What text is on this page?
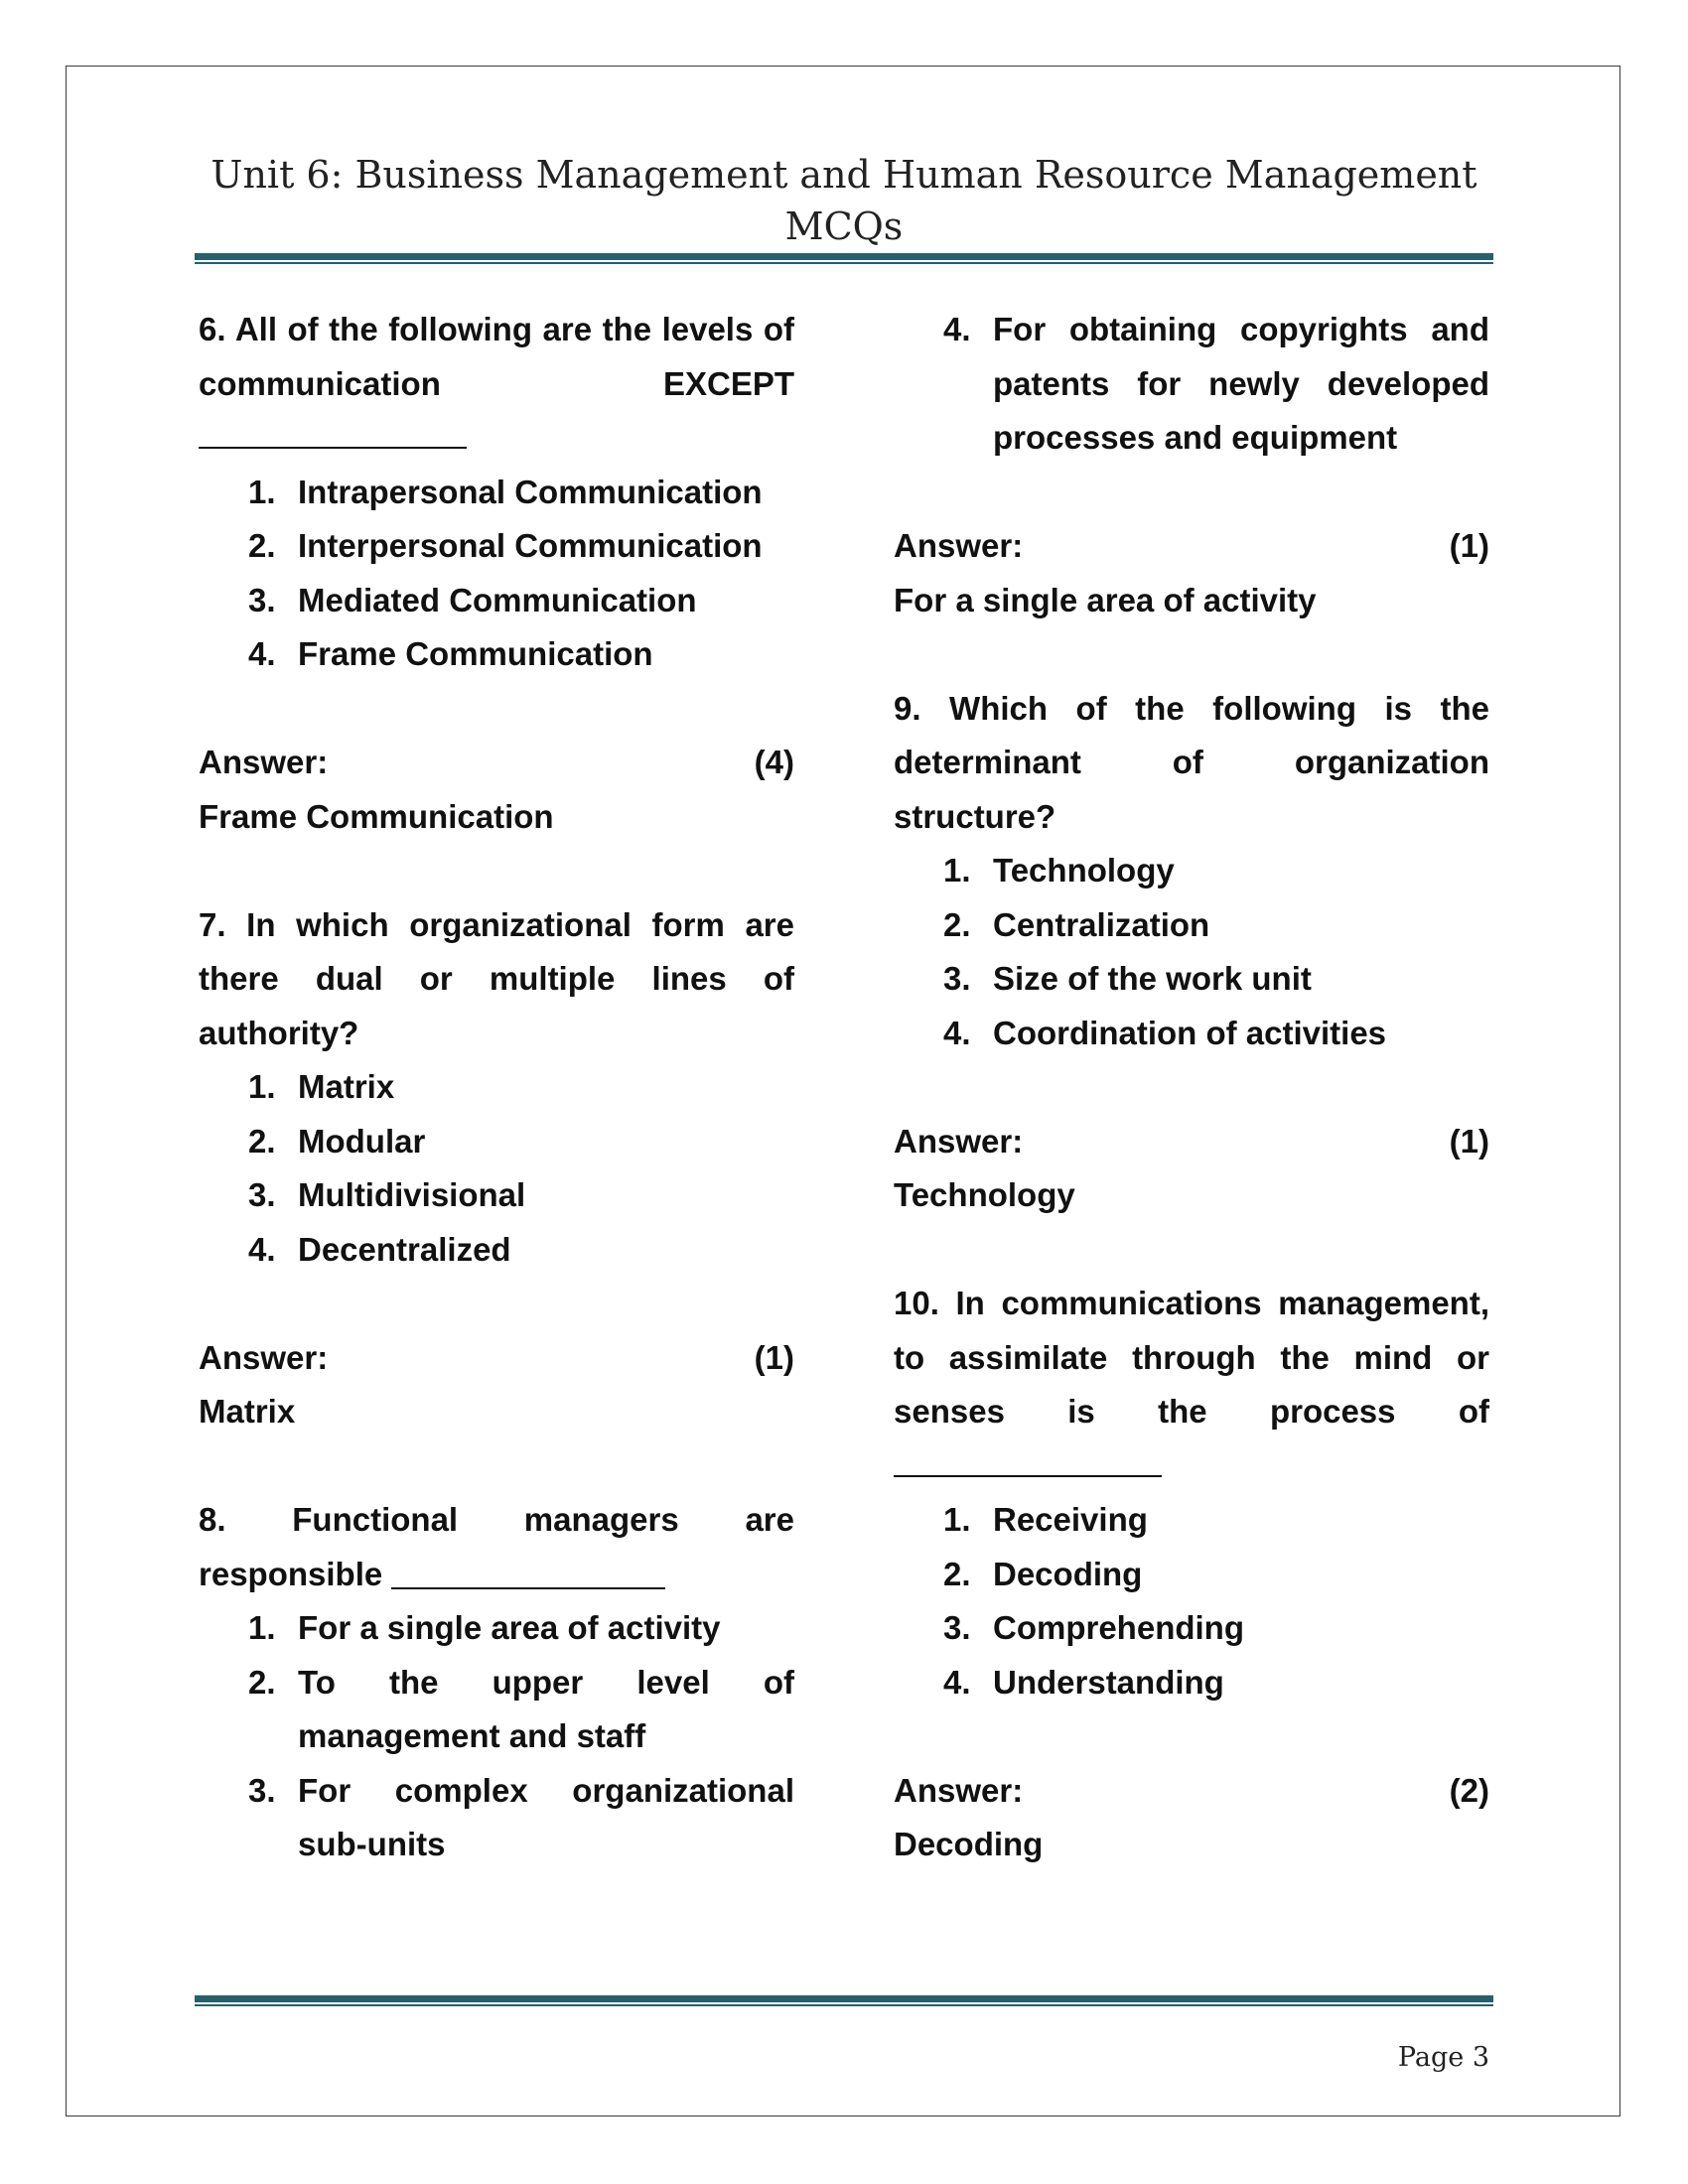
Unit 6: Business Management and Human Resource Management
MCQs
6. All of the following are the levels of communication EXCEPT
1. Intrapersonal Communication
2. Interpersonal Communication
3. Mediated Communication
4. Frame Communication
Answer:	(4)
Frame Communication
7. In which organizational form are there dual or multiple lines of authority?
1. Matrix
2. Modular
3. Multidivisional
4. Decentralized
Answer:	(1)
Matrix
8. Functional managers are responsible
1. For a single area of activity
2. To the upper level of management and staff
3. For complex organizational sub-units
4. For obtaining copyrights and patents for newly developed processes and equipment
Answer:	(1)
For a single area of activity
9. Which of the following is the determinant of organization structure?
1. Technology
2. Centralization
3. Size of the work unit
4. Coordination of activities
Answer:	(1)
Technology
10. In communications management, to assimilate through the mind or senses is the process of
1. Receiving
2. Decoding
3. Comprehending
4. Understanding
Answer:	(2)
Decoding
Page 3
